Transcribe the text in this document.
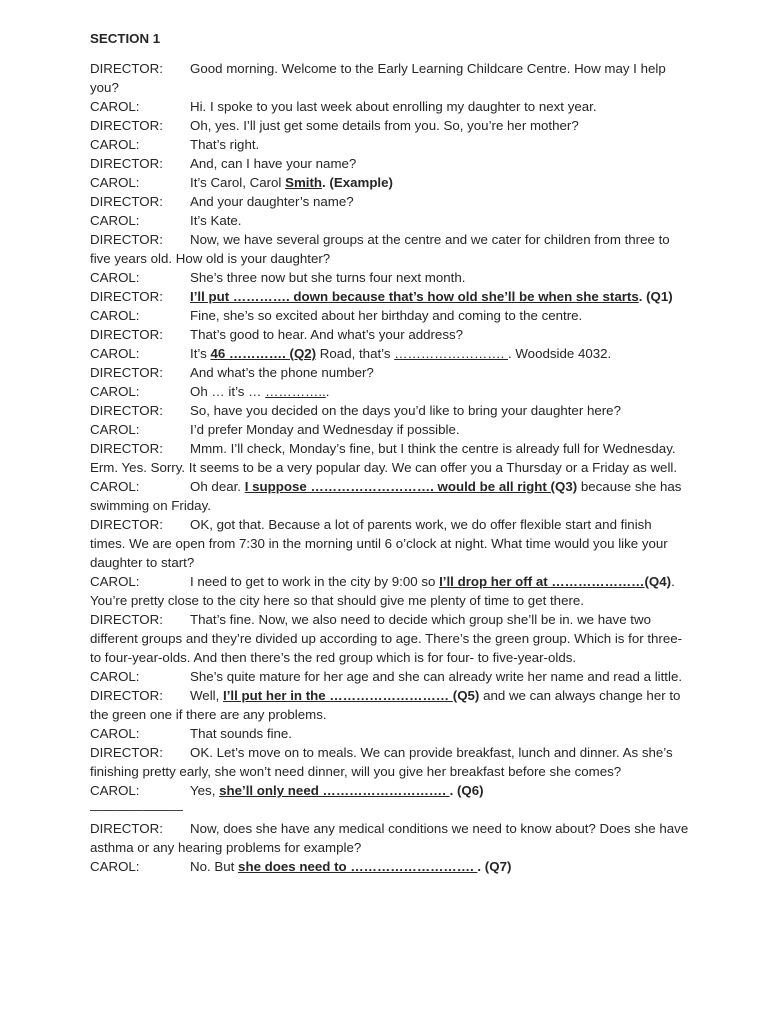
SECTION 1
DIRECTOR: Good morning. Welcome to the Early Learning Childcare Centre. How may I help you?
CAROL:	Hi. I spoke to you last week about enrolling my daughter to next year.
DIRECTOR: Oh, yes. I’ll just get some details from you. So, you’re her mother?
CAROL:	That’s right.
DIRECTOR: And, can I have your name?
CAROL:	It’s Carol, Carol Smith. (Example)
DIRECTOR: And your daughter’s name?
CAROL:	It’s Kate.
DIRECTOR: Now, we have several groups at the centre and we cater for children from three to five years old. How old is your daughter?
CAROL:	She’s three now but she turns four next month.
DIRECTOR: I’ll put …………. down because that’s how old she’ll be when she starts. (Q1)
CAROL:	Fine, she’s so excited about her birthday and coming to the centre.
DIRECTOR: That’s good to hear. And what’s your address?
CAROL:	It’s 46 …………. (Q2) Road, that’s ……………………. . Woodside 4032.
DIRECTOR: And what’s the phone number?
CAROL:	Oh … it’s … …………...
DIRECTOR: So, have you decided on the days you’d like to bring your daughter here?
CAROL:	I’d prefer Monday and Wednesday if possible.
DIRECTOR: Mmm. I’ll check, Monday’s fine, but I think the centre is already full for Wednesday. Erm. Yes. Sorry. It seems to be a very popular day. We can offer you a Thursday or a Friday as well.
CAROL:	Oh dear. I suppose ………………………. would be all right (Q3) because she has swimming on Friday.
DIRECTOR: OK, got that. Because a lot of parents work, we do offer flexible start and finish times. We are open from 7:30 in the morning until 6 o’clock at night. What time would you like your daughter to start?
CAROL:	I need to get to work in the city by 9:00 so I’ll drop her off at …………………(Q4). You’re pretty close to the city here so that should give me plenty of time to get there.
DIRECTOR: That’s fine. Now, we also need to decide which group she’ll be in. we have two different groups and they’re divided up according to age. There’s the green group. Which is for three- to four-year-olds. And then there’s the red group which is for four- to five-year-olds.
CAROL:	She’s quite mature for her age and she can already write her name and read a little.
DIRECTOR: Well, I’ll put her in the ……………………… (Q5) and we can always change her to the green one if there are any problems.
CAROL:	That sounds fine.
DIRECTOR: OK. Let’s move on to meals. We can provide breakfast, lunch and dinner. As she’s finishing pretty early, she won’t need dinner, will you give her breakfast before she comes?
CAROL:	Yes, she’ll only need ………………………. . (Q6)
———————
DIRECTOR: Now, does she have any medical conditions we need to know about? Does she have asthma or any hearing problems for example?
CAROL:	No. But she does need to ………………………. . (Q7)
